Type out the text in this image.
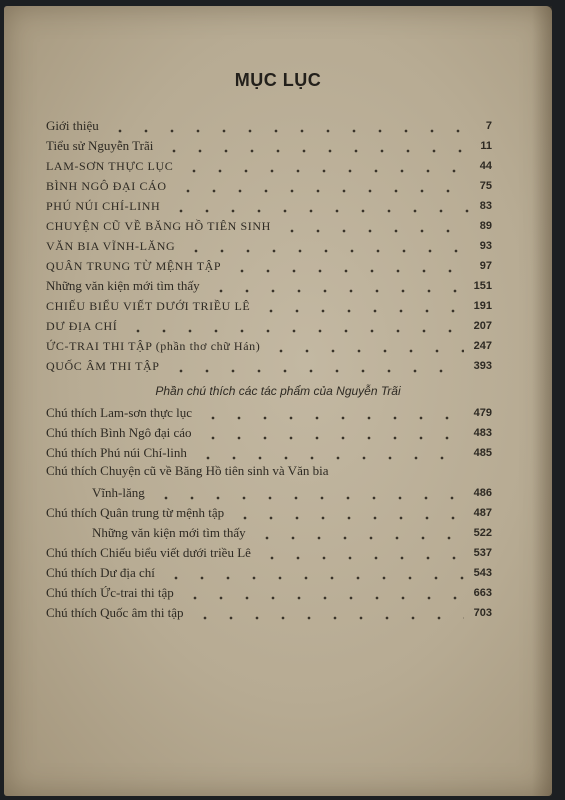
MỤC LỤC
Giới thiệu	7
Tiểu sử Nguyễn Trãi	11
LAM-SƠN THỰC LỤC	44
BÌNH NGÔ ĐẠI CÁO	75
PHÚ NÚI CHÍ-LINH	83
CHUYỆN CŨ VỀ BĂNG HỒ TIÊN SINH	89
VĂN BIA VĨNH-LĂNG	93
QUÂN TRUNG TỪ MỆNH TẬP	97
Những văn kiện mới tìm thấy	151
CHIẾU BIỂU VIẾT DƯỚI TRIỀU LÊ	191
DƯ ĐỊA CHÍ	207
ỨC-TRAI THI TẬP (phần thơ chữ Hán)	247
QUỐC ÂM THI TẬP	393
Phần chú thích các tác phẩm của Nguyễn Trãi
Chú thích Lam-sơn thực lục	479
Chú thích Bình Ngô đại cáo	483
Chú thích Phú núi Chí-linh	485
Chú thích Chuyện cũ về Băng Hồ tiên sinh và Văn bia
Vĩnh-lăng	486
Chú thích Quân trung từ mệnh tập	487
Những văn kiện mới tìm thấy	522
Chú thích Chiếu biểu viết dưới triều Lê	537
Chú thích Dư địa chí	543
Chú thích Ức-trai thi tập	663
Chú thích Quốc âm thi tập	703
